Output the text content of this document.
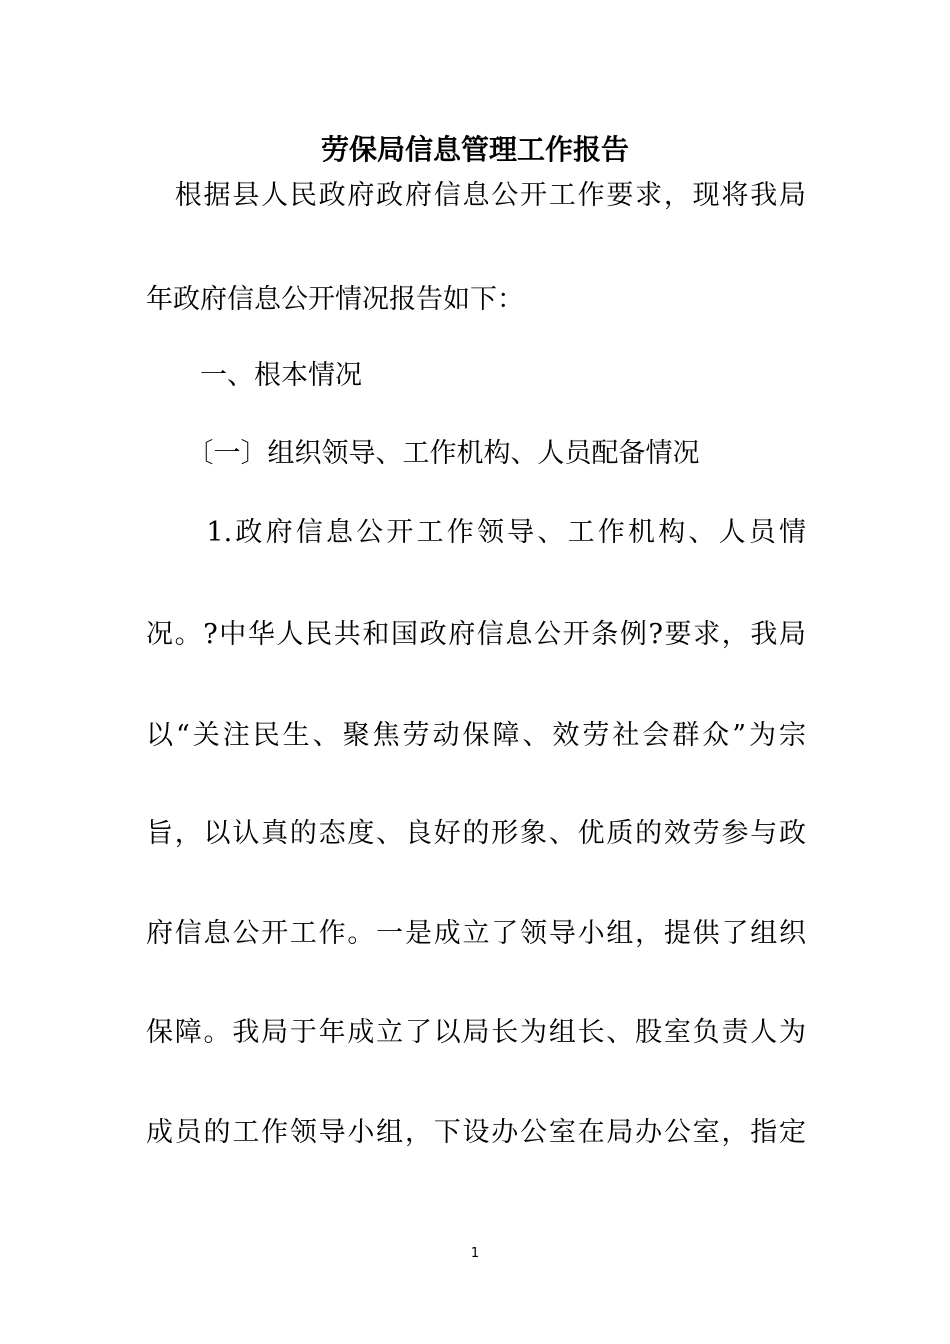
劳保局信息管理工作报告

　根据县人民政府政府信息公开工作要求，现将我局

年政府信息公开情况报告如下：

　　一、根本情况

　　〔一〕组织领导、工作机构、人员配备情况

　　1.政府信息公开工作领导、工作机构、人员情

况。?中华人民共和国政府信息公开条例?要求，我局

以“关注民生、聚焦劳动保障、效劳社会群众”为宗

旨，以认真的态度、良好的形象、优质的效劳参与政

府信息公开工作。一是成立了领导小组，提供了组织

保障。我局于年成立了以局长为组长、股室负责人为

成员的工作领导小组，下设办公室在局办公室，指定

1
